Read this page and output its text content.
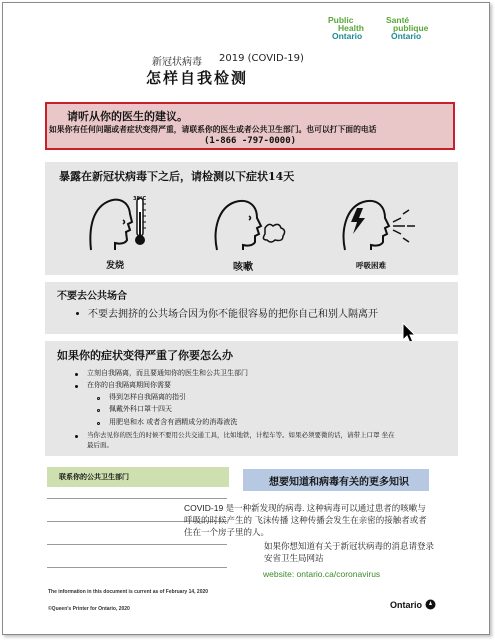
Public
Health
Ontario
Santé
publique
Ontario
新冠状病毒 2019 (COVID-19)
怎样自我检测
请听从你的医生的建议。
如果你有任何问题或者症状变得严重，请联系你的医生或者公共卫生部门。也可以打下面的电话
(1-866 -797-0000)
暴露在新冠状病毒下之后，请检测以下症状14天
38°C
发烧	咳嗽	呼吸困难
不要去公共场合
不要去拥挤的公共场合因为你不能很容易的把你自己和别人隔离开
如果你的症状变得严重了你要怎么办
立刻自我隔离，而且要通知你的医生和公共卫生部门
在你的自我隔离期间你需要
得到怎样自我隔离的指引
佩戴外科口罩十四天
用肥皂和水 或者含有酒精成分的消毒液洗
当你去见你的医生的时候不要用公共交通工具，比如地铁，计程车等。如果必须要微的话，请带上口罩 坐在
最后面。
联系你的公共卫生部门	想要知道和病毒有关的更多知识
COVID-19 是一种新发现的病毒. 这种病毒可以通过患者的咳嗽与
呼吸的时候产生的 飞沫传播 这种传播会发生在亲密的接触者或者
住在一个房子里的人。
如果你想知道有关于新冠状病毒的消息请登录
安省卫生局网站
website: ontario.ca/coronavirus
The information in this document is current as of February 14, 2020
©Queen's Printer for Ontario, 2020	Ontario
